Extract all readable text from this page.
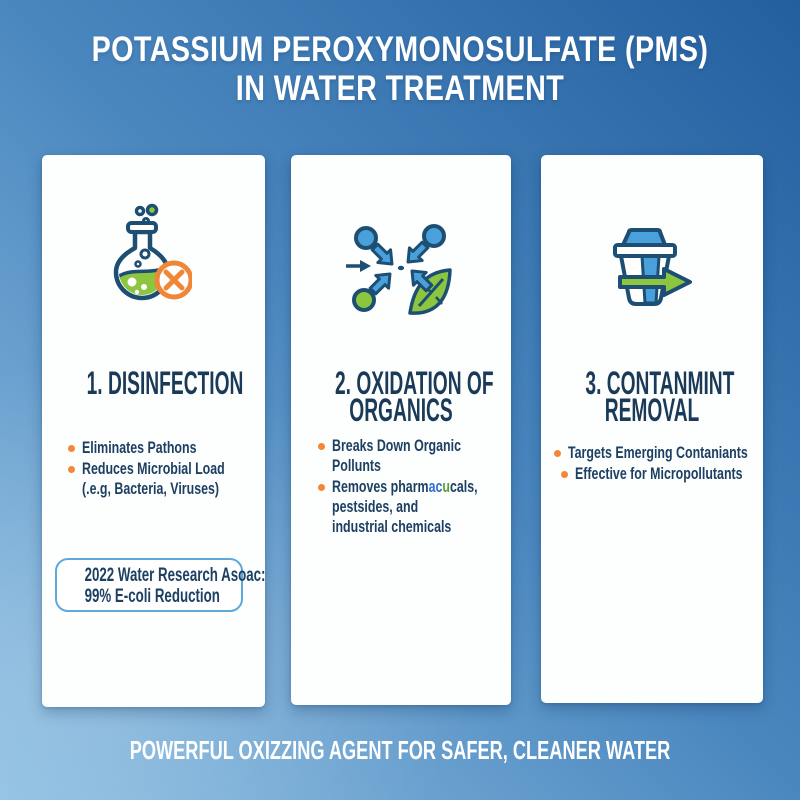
POTASSIUM PEROXYMONOSULFATE (PMS)
IN WATER TREATMENT
1. DISINFECTION
Eliminates Pathons
Reduces Microbial Load
(.e.g, Bacteria, Viruses)
2022 Water Research Asoac:
99% E-coli Reduction
2. OXIDATION OF
ORGANICS
Breaks Down Organic
Pollunts
Removes pharmacucals,
pestsides, and
industrial chemicals
3. CONTANMINT
REMOVAL
Targets Emerging Contaniants
Effective for Micropollutants
POWERFUL OXIZZING AGENT FOR SAFER, CLEANER WATER
